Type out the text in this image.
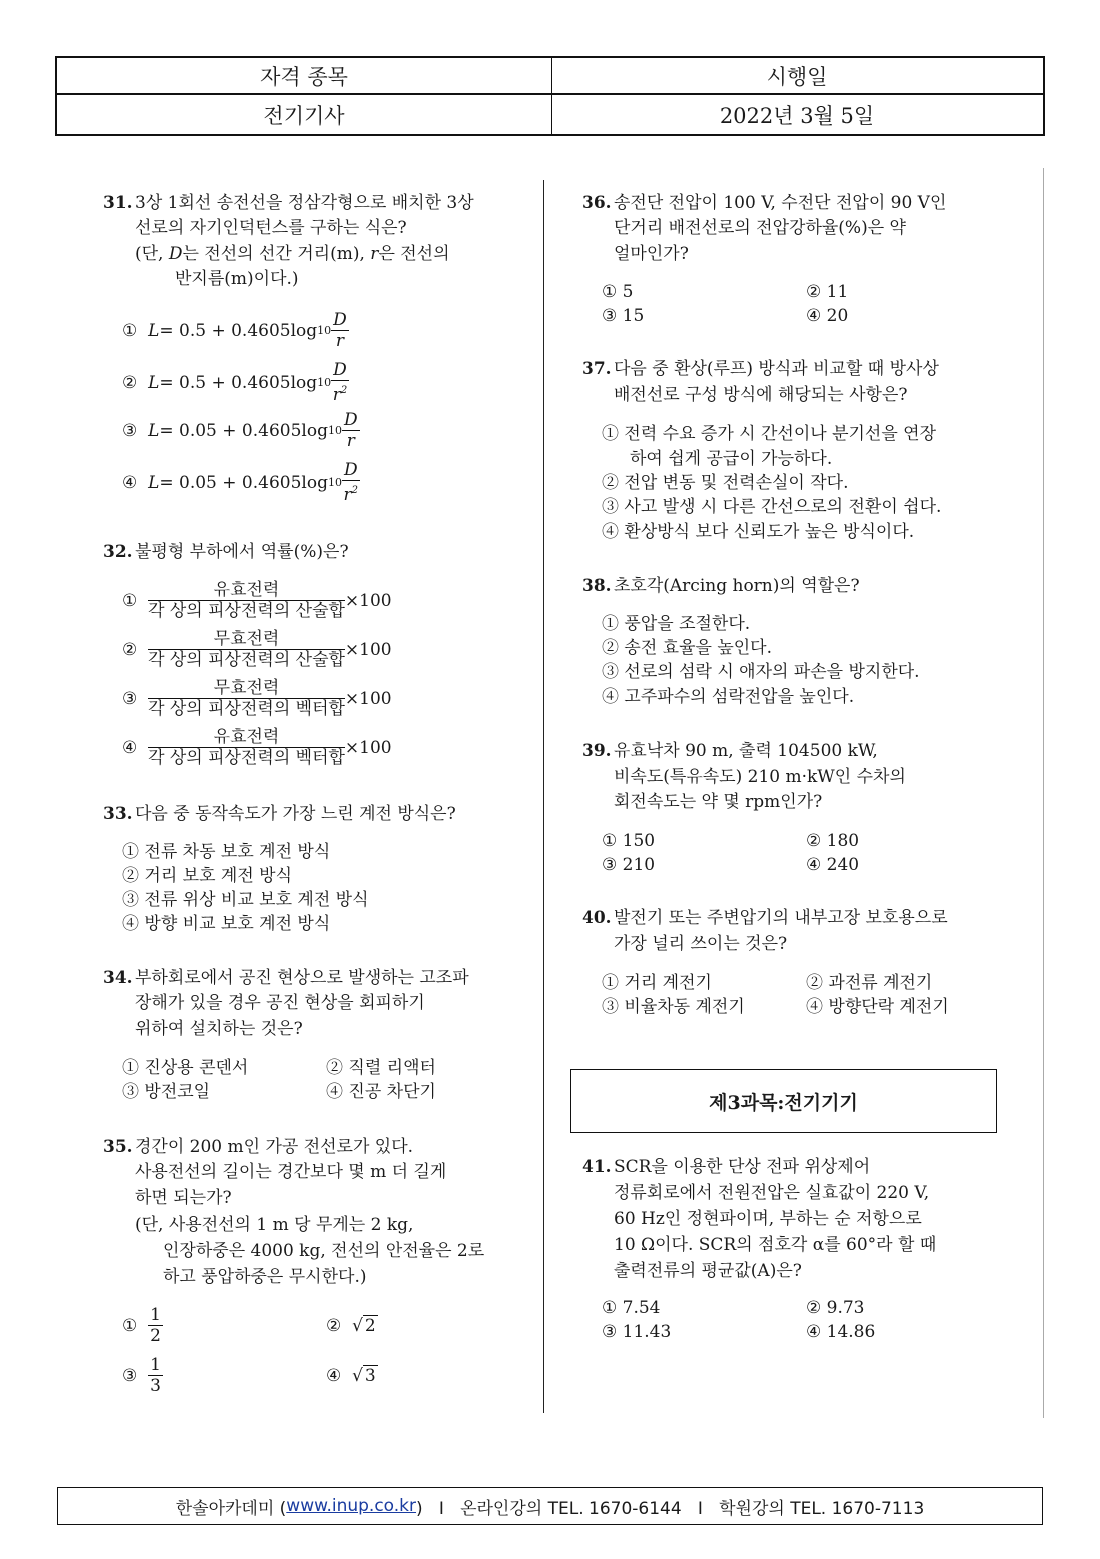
자격 종목	시행일
전기기사	2022년 3월 5일
31. 3상 1회선 송전선을 정삼각형으로 배치한 3상
선로의 자기인덕턴스를 구하는 식은?
(단, D는 전선의 선간 거리(m), r은 전선의
반지름(m)이다.)
①
L = 0.5 + 0.4605log $10 \frac{D}{r}$
②
L = 0.5 + 0.4605log $10 \frac{D}{r^2}$
③
L = 0.05 + 0.4605log $10 \frac{D}{r}$
④
L = 0.05 + 0.4605log $10 \frac{D}{r^2}$
32. 불평형 부하에서 역률(%)은?
①
$\frac{\text{유효전력}}{\text{각 상의 피상전력의 산술합}} \times 100$
②
$\frac{\text{무효전력}}{\text{각 상의 피상전력의 산술합}} \times 100$
③
$\frac{\text{무효전력}}{\text{각 상의 피상전력의 벡터합}} \times 100$
④
$\frac{\text{유효전력}}{\text{각 상의 피상전력의 벡터합}} \times 100$
33. 다음 중 동작속도가 가장 느린 계전 방식은?
① 전류 차동 보호 계전 방식
② 거리 보호 계전 방식
③ 전류 위상 비교 보호 계전 방식
④ 방향 비교 보호 계전 방식
34. 부하회로에서 공진 현상으로 발생하는 고조파
장해가 있을 경우 공진 현상을 회피하기
위하여 설치하는 것은?
① 진상용 콘덴서	② 직렬 리액터
③ 방전코일	④ 진공 차단기
35. 경간이 200 m인 가공 전선로가 있다.
사용전선의 길이는 경간보다 몇 m 더 길게
하면 되는가?
(단, 사용전선의 1 m 당 무게는 2 kg,
인장하중은 4000 kg, 전선의 안전율은 2로
하고 풍압하중은 무시한다.)
①
$\frac{1}{2}$	②
√ 2
③
$\frac{1}{3}$	④
√ 3
36. 송전단 전압이 100 V, 수전단 전압이 90 V인
단거리 배전선로의 전압강하율(%)은 약
얼마인가?
① 5	② 11
③ 15	④ 20
37. 다음 중 환상(루프) 방식과 비교할 때 방사상
배전선로 구성 방식에 해당되는 사항은?
① 전력 수요 증가 시 간선이나 분기선을 연장
하여 쉽게 공급이 가능하다.
② 전압 변동 및 전력손실이 작다.
③ 사고 발생 시 다른 간선으로의 전환이 쉽다.
④ 환상방식 보다 신뢰도가 높은 방식이다.
38. 초호각(Arcing horn)의 역할은?
① 풍압을 조절한다.
② 송전 효율을 높인다.
③ 선로의 섬락 시 애자의 파손을 방지한다.
④ 고주파수의 섬락전압을 높인다.
39. 유효낙차 90 m, 출력 104500 kW,
비속도(특유속도) 210 m·kW인 수차의
회전속도는 약 몇 rpm인가?
① 150	② 180
③ 210	④ 240
40. 발전기 또는 주변압기의 내부고장 보호용으로
가장 널리 쓰이는 것은?
① 거리 계전기	② 과전류 계전기
③ 비율차동 계전기	④ 방향단락 계전기
제3과목:전기기기
41. SCR을 이용한 단상 전파 위상제어
정류회로에서 전원전압은 실효값이 220 V,
60 Hz인 정현파이며, 부하는 순 저항으로
10 Ω이다. SCR의 점호각 α를 60°라 할 때
출력전류의 평균값(A)은?
① 7.54	② 9.73
③ 11.43	④ 14.86
한솔아카데미 ( www.inup.co.kr )   I   온라인강의 TEL. 1670-6144   I   학원강의 TEL. 1670-7113
